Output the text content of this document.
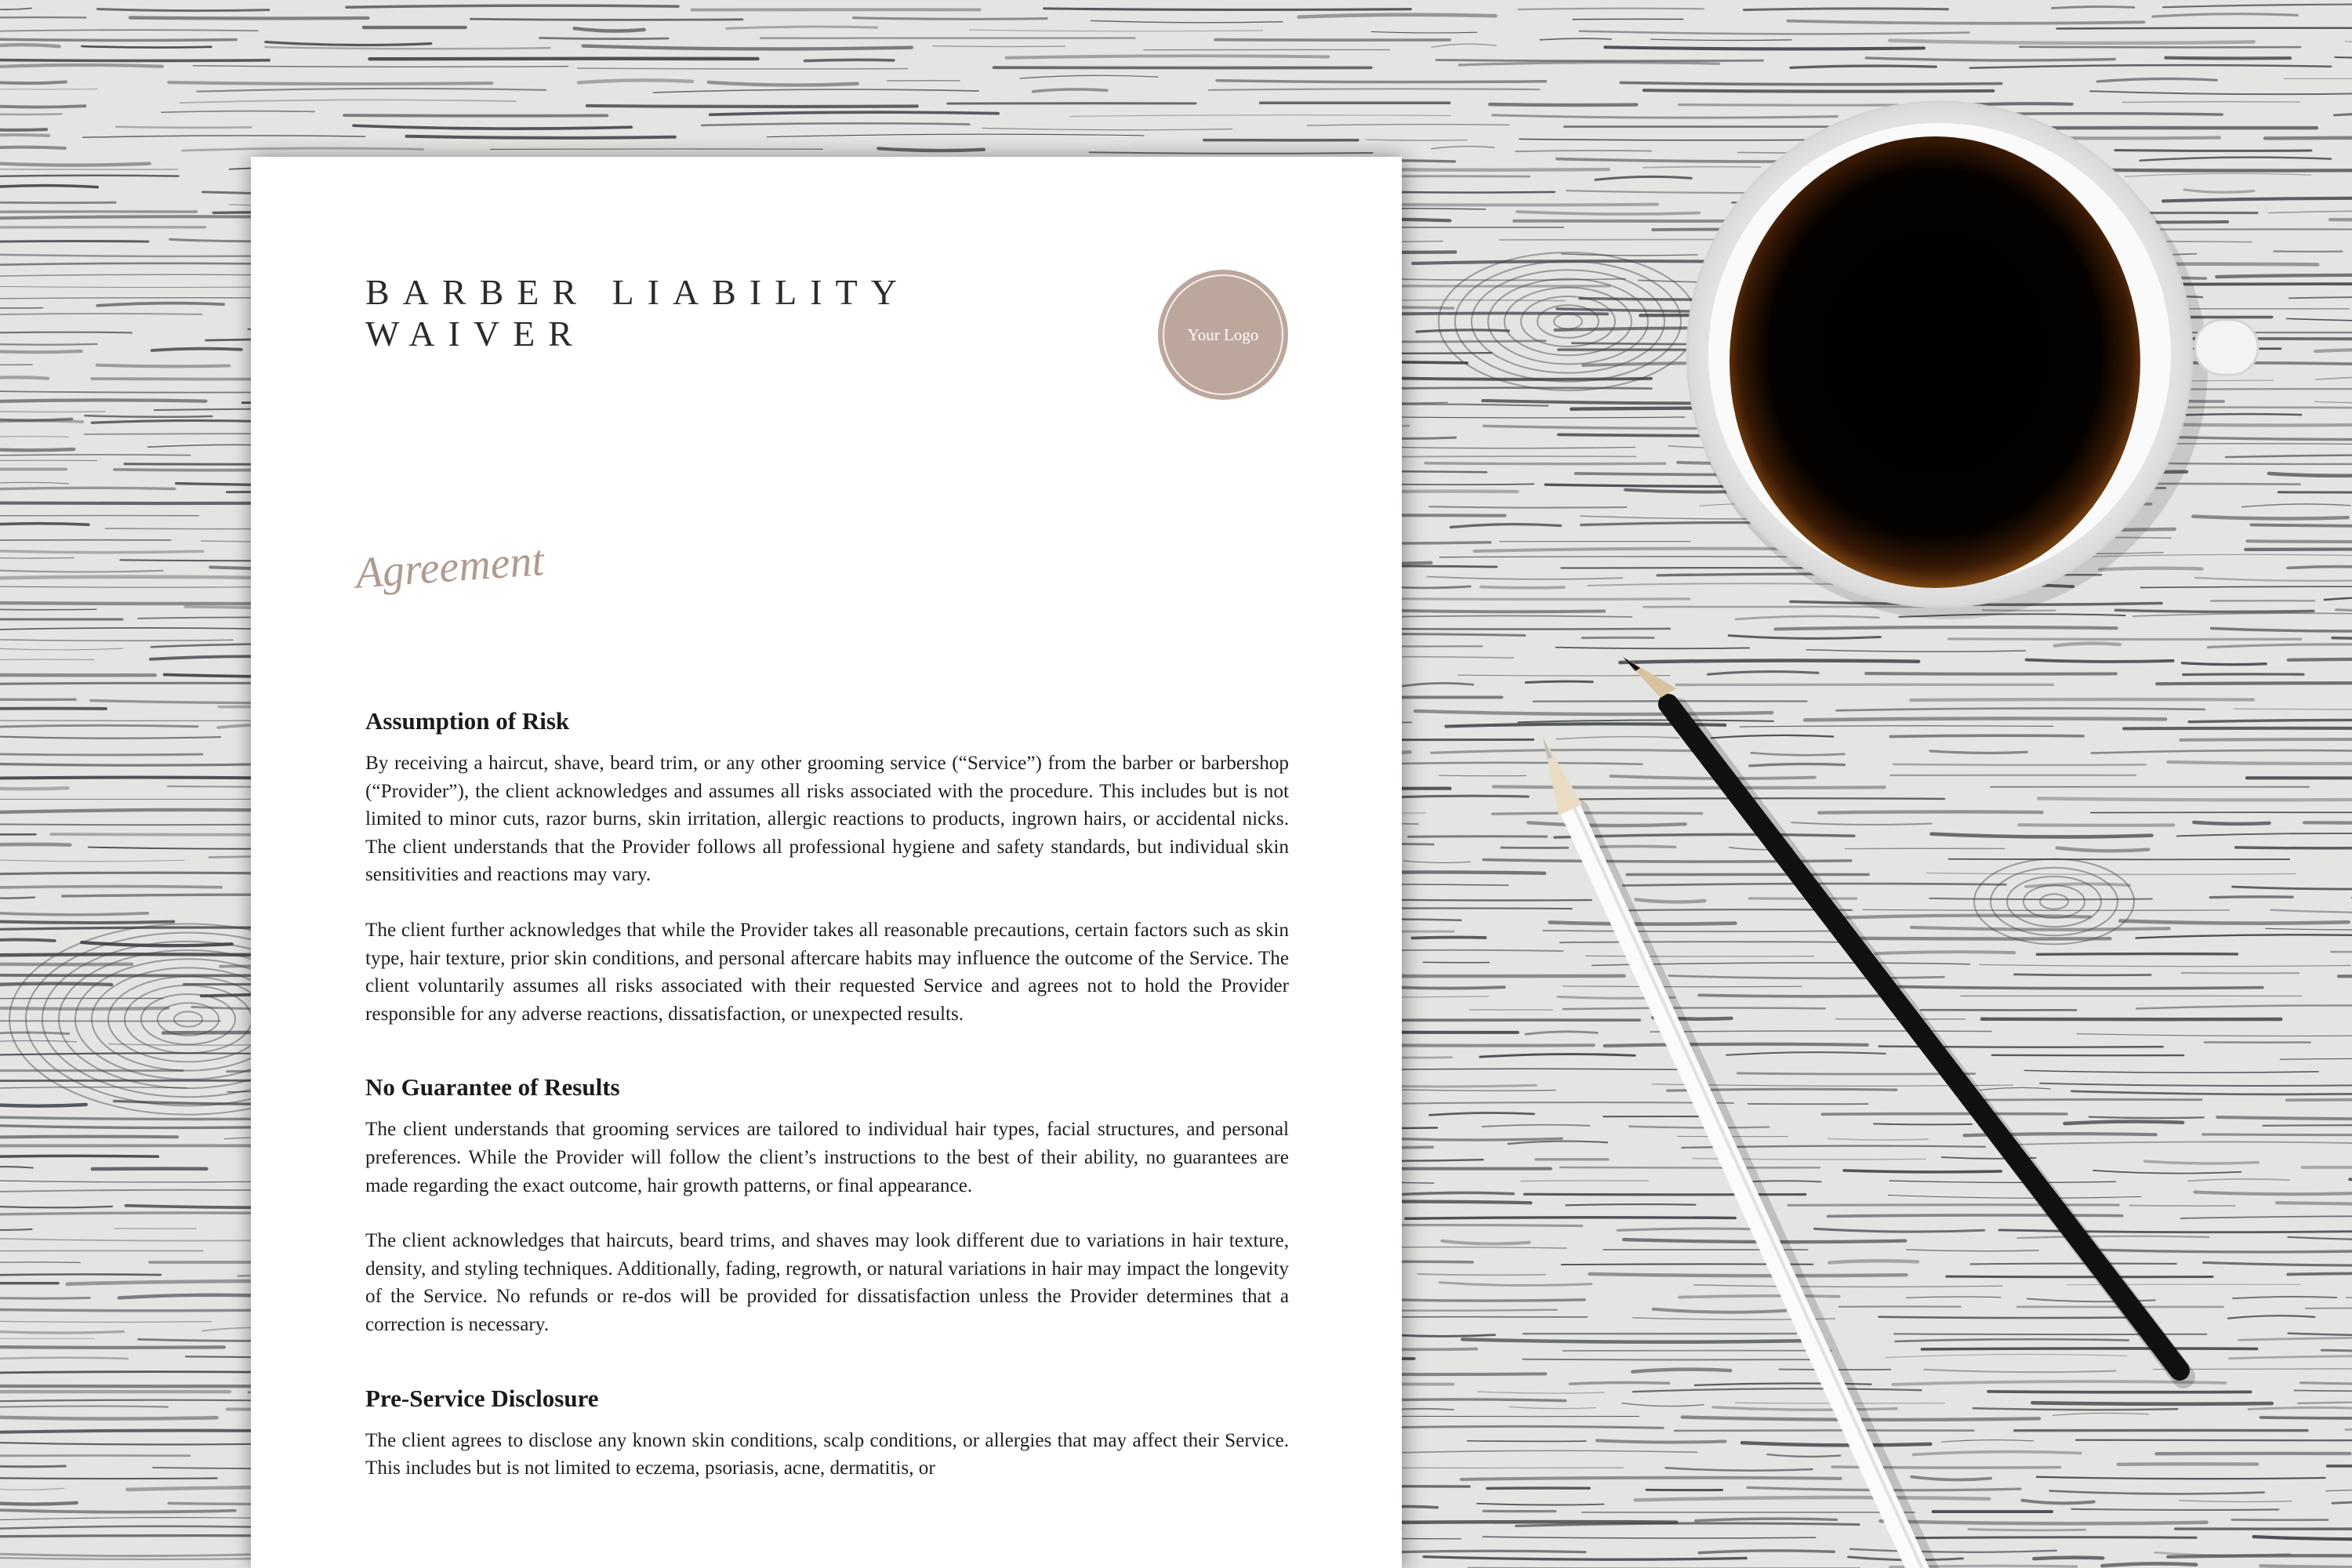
BARBER LIABILITY
WAIVER
Agreement
Your Logo
Assumption of Risk

By receiving a haircut, shave, beard trim, or any other grooming service (“Service”) from the barber or barbershop (“Provider”), the client acknowledges and assumes all risks associated with the procedure. This includes but is not limited to minor cuts, razor burns, skin irritation, allergic reactions to products, ingrown hairs, or accidental nicks. The client understands that the Provider follows all professional hygiene and safety standards, but individual skin sensitivities and reactions may vary.

The client further acknowledges that while the Provider takes all reasonable precautions, certain factors such as skin type, hair texture, prior skin conditions, and personal aftercare habits may influence the outcome of the Service. The client voluntarily assumes all risks associated with their requested Service and agrees not to hold the Provider responsible for any adverse reactions, dissatisfaction, or unexpected results.

No Guarantee of Results

The client understands that grooming services are tailored to individual hair types, facial structures, and personal preferences. While the Provider will follow the client’s instructions to the best of their ability, no guarantees are made regarding the exact outcome, hair growth patterns, or final appearance.

The client acknowledges that haircuts, beard trims, and shaves may look different due to variations in hair texture, density, and styling techniques. Additionally, fading, regrowth, or natural variations in hair may impact the longevity of the Service. No refunds or re-dos will be provided for dissatisfaction unless the Provider determines that a correction is necessary.

Pre-Service Disclosure

The client agrees to disclose any known skin conditions, scalp conditions, or allergies that may affect their Service. This includes but is not limited to eczema, psoriasis, acne, dermatitis, or
